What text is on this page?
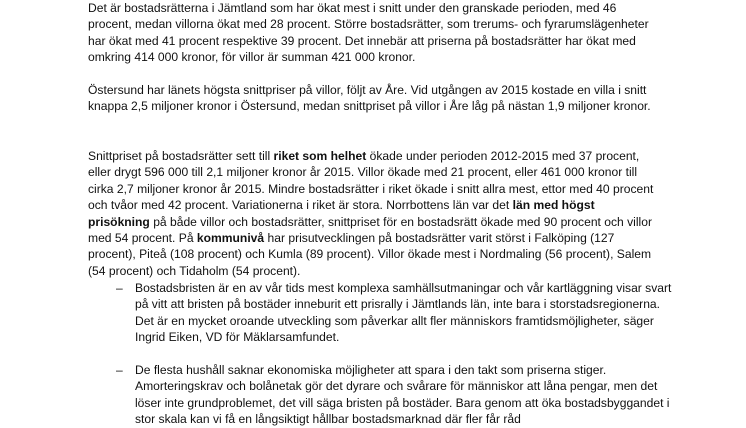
Det är bostadsrätterna i Jämtland som har ökat mest i snitt under den granskade perioden, med 46 procent, medan villorna ökat med 28 procent. Större bostadsrätter, som trerums- och fyrarumslägenheter har ökat med 41 procent respektive 39 procent. Det innebär att priserna på bostadsrätter har ökat med omkring 414 000 kronor, för villor är summan 421 000 kronor.

Östersund har länets högsta snittpriser på villor, följt av Åre. Vid utgången av 2015 kostade en villa i snitt knappa 2,5 miljoner kronor i Östersund, medan snittpriset på villor i Åre låg på nästan 1,9 miljoner kronor.

Snittpriset på bostadsrätter sett till riket som helhet ökade under perioden 2012-2015 med 37 procent, eller drygt 596 000 till 2,1 miljoner kronor år 2015. Villor ökade med 21 procent, eller 461 000 kronor till cirka 2,7 miljoner kronor år 2015. Mindre bostadsrätter i riket ökade i snitt allra mest, ettor med 40 procent och tvåor med 42 procent. Variationerna i riket är stora. Norrbottens län var det län med högst prisökning på både villor och bostadsrätter, snittpriset för en bostadsrätt ökade med 90 procent och villor med 54 procent. På kommunivå har prisutvecklingen på bostadsrätter varit störst i Falköping (127 procent), Piteå (108 procent) och Kumla (89 procent). Villor ökade mest i Nordmaling (56 procent), Salem (54 procent) och Tidaholm (54 procent).

–	Bostadsbristen är en av vår tids mest komplexa samhällsutmaningar och vår kartläggning visar svart på vitt att bristen på bostäder inneburit ett prisrally i Jämtlands län, inte bara i storstadsregionerna. Det är en mycket oroande utveckling som påverkar allt fler människors framtidsmöjligheter, säger Ingrid Eiken, VD för Mäklarsamfundet.
–	De flesta hushåll saknar ekonomiska möjligheter att spara i den takt som priserna stiger. Amorteringskrav och bolånetak gör det dyrare och svårare för människor att låna pengar, men det löser inte grundproblemet, det vill säga bristen på bostäder. Bara genom att öka bostadsbyggandet i stor skala kan vi få en långsiktigt hållbar bostadsmarknad där fler får råd
